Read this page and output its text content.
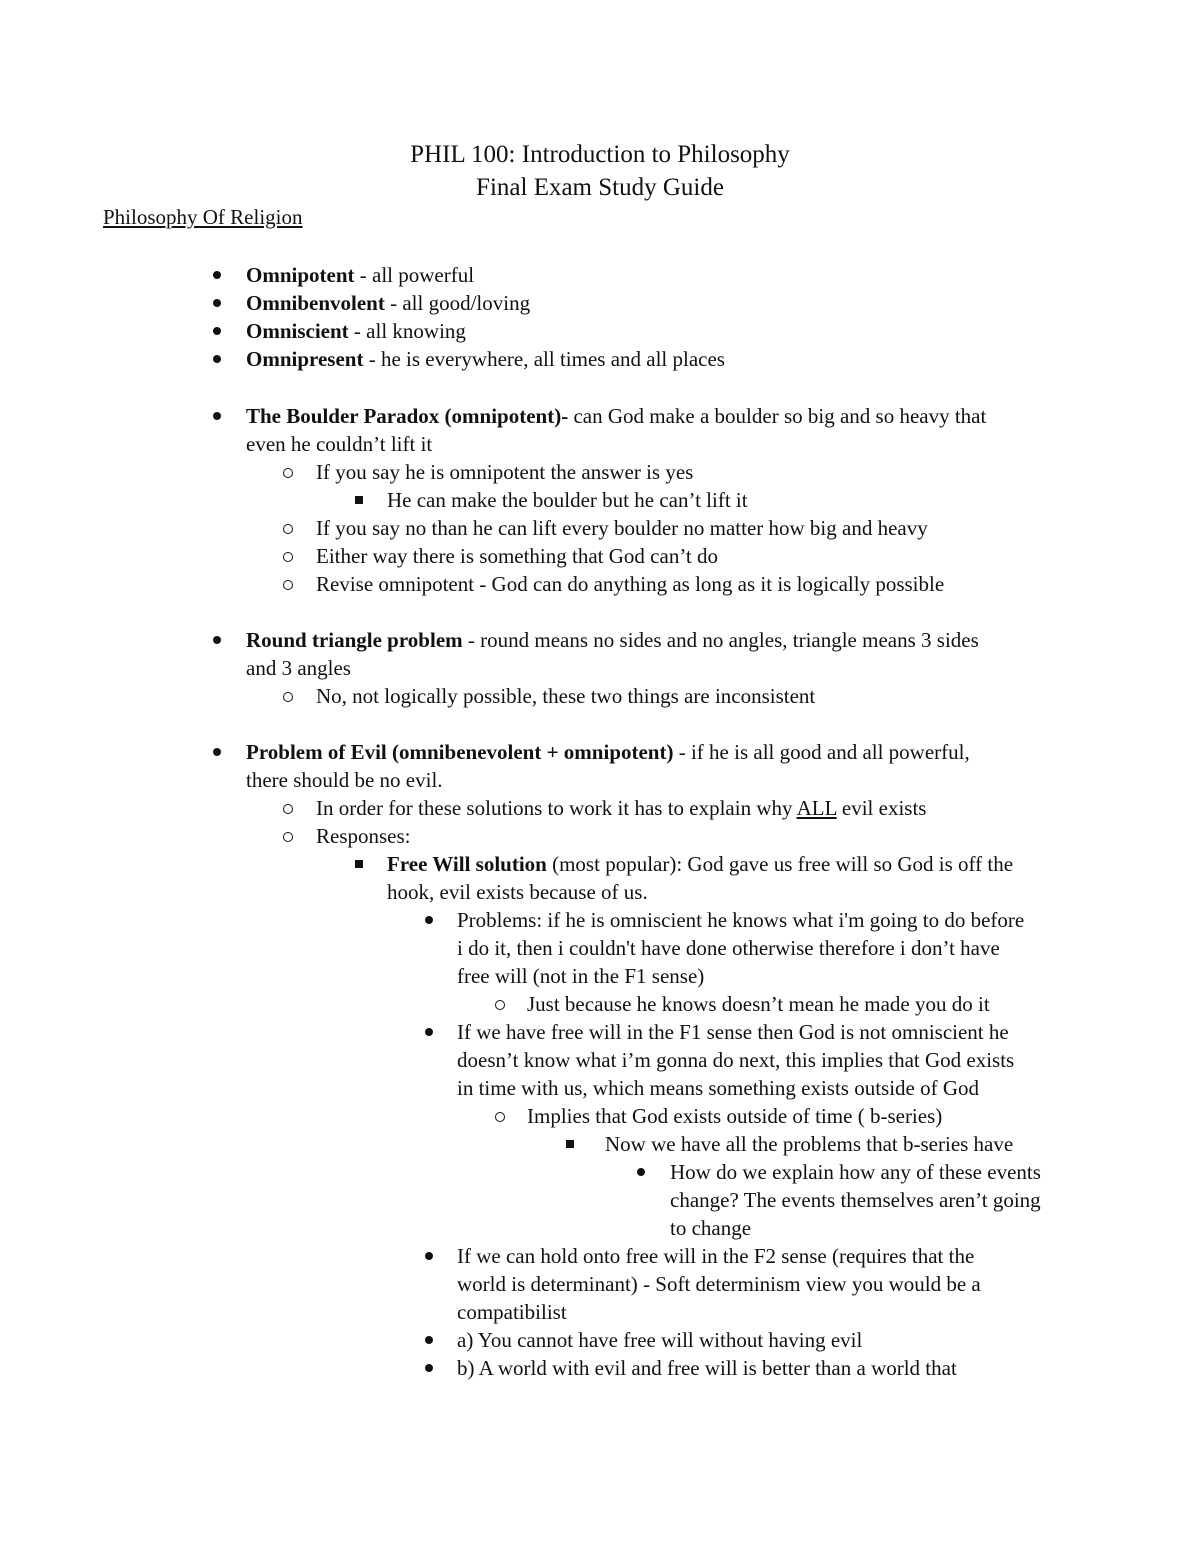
PHIL 100: Introduction to Philosophy
Final Exam Study Guide
Philosophy Of Religion
Omnipotent - all powerful
Omnibenvolent - all good/loving
Omniscient - all knowing
Omnipresent - he is everywhere, all times and all places
The Boulder Paradox (omnipotent)- can God make a boulder so big and so heavy that
even he couldn’t lift it
If you say he is omnipotent the answer is yes
He can make the boulder but he can’t lift it
If you say no than he can lift every boulder no matter how big and heavy
Either way there is something that God can’t do
Revise omnipotent - God can do anything as long as it is logically possible
Round triangle problem - round means no sides and no angles, triangle means 3 sides
and 3 angles
No, not logically possible, these two things are inconsistent
Problem of Evil (omnibenevolent + omnipotent) - if he is all good and all powerful,
there should be no evil.
In order for these solutions to work it has to explain why ALL evil exists
Responses:
Free Will solution (most popular): God gave us free will so God is off the
hook, evil exists because of us.
Problems: if he is omniscient he knows what i'm going to do before
i do it, then i couldn't have done otherwise therefore i don’t have
free will (not in the F1 sense)
Just because he knows doesn’t mean he made you do it
If we have free will in the F1 sense then God is not omniscient he
doesn’t know what i’m gonna do next, this implies that God exists
in time with us, which means something exists outside of God
Implies that God exists outside of time ( b-series)
Now we have all the problems that b-series have
How do we explain how any of these events
change? The events themselves aren’t going
to change
If we can hold onto free will in the F2 sense (requires that the
world is determinant) - Soft determinism view you would be a
compatibilist
a) You cannot have free will without having evil
b) A world with evil and free will is better than a world that
